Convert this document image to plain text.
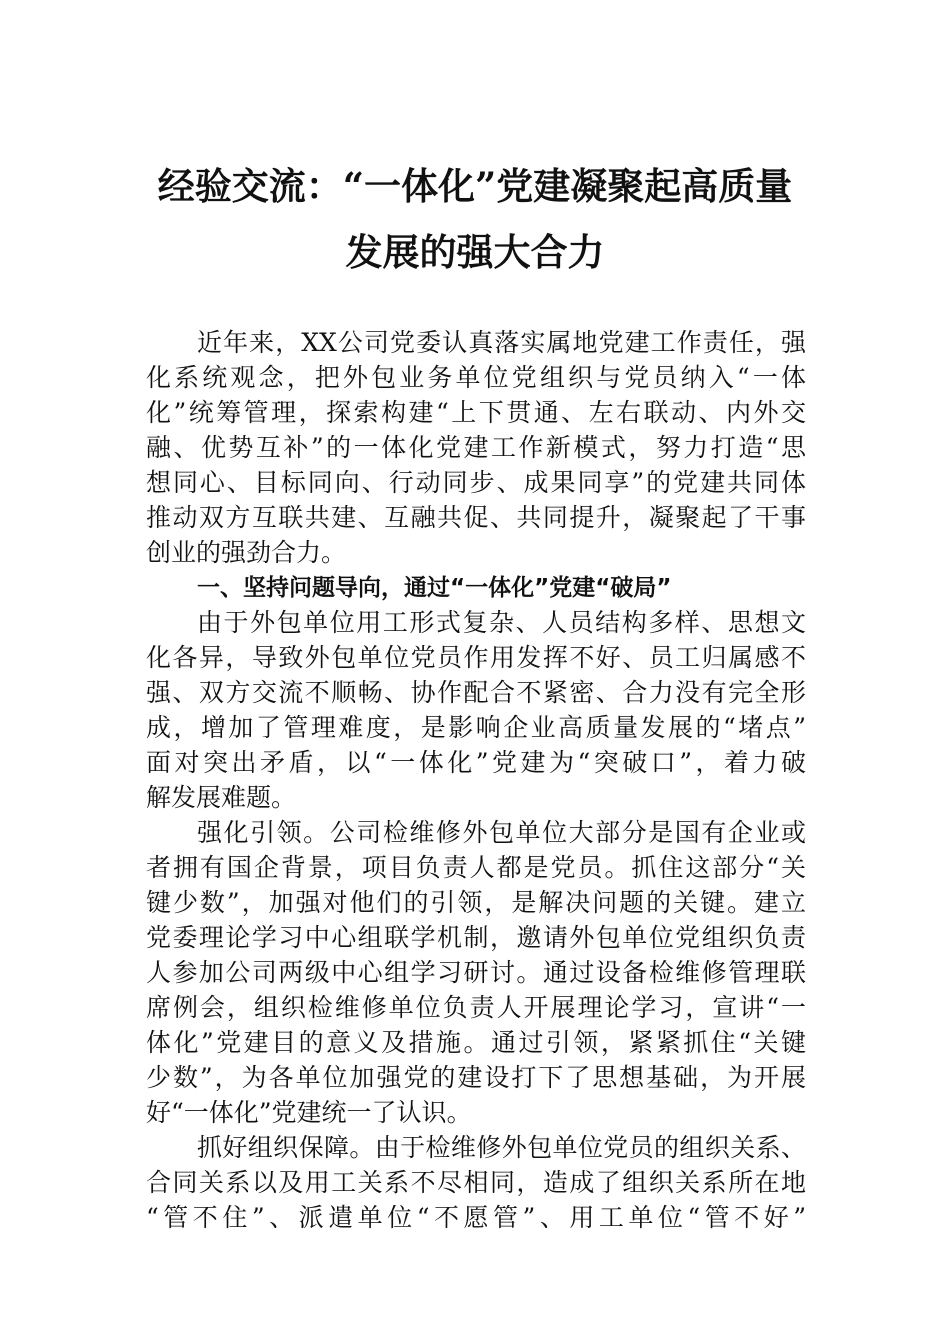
经验交流：“一体化”党建凝聚起高质量
发展的强大合力

近年来，XX公司党委认真落实属地党建工作责任，强

化系统观念，把外包业务单位党组织与党员纳入“一体

化”统筹管理，探索构建“上下贯通、左右联动、内外交

融、优势互补”的一体化党建工作新模式，努力打造“思

想同心、目标同向、行动同步、成果同享”的党建共同体

推动双方互联共建、互融共促、共同提升，凝聚起了干事

创业的强劲合力。

一、坚持问题导向，通过“一体化”党建“破局”

由于外包单位用工形式复杂、人员结构多样、思想文

化各异，导致外包单位党员作用发挥不好、员工归属感不

强、双方交流不顺畅、协作配合不紧密、合力没有完全形

成，增加了管理难度，是影响企业高质量发展的“堵点”

面对突出矛盾，以“一体化”党建为“突破口”，着力破

解发展难题。

强化引领。公司检维修外包单位大部分是国有企业或

者拥有国企背景，项目负责人都是党员。抓住这部分“关

键少数”，加强对他们的引领，是解决问题的关键。建立

党委理论学习中心组联学机制，邀请外包单位党组织负责

人参加公司两级中心组学习研讨。通过设备检维修管理联

席例会，组织检维修单位负责人开展理论学习，宣讲“一

体化”党建目的意义及措施。通过引领，紧紧抓住“关键

少数”，为各单位加强党的建设打下了思想基础，为开展

好“一体化”党建统一了认识。

抓好组织保障。由于检维修外包单位党员的组织关系、

合同关系以及用工关系不尽相同，造成了组织关系所在地

“管不住”、派遣单位“不愿管”、用工单位“管不好”
